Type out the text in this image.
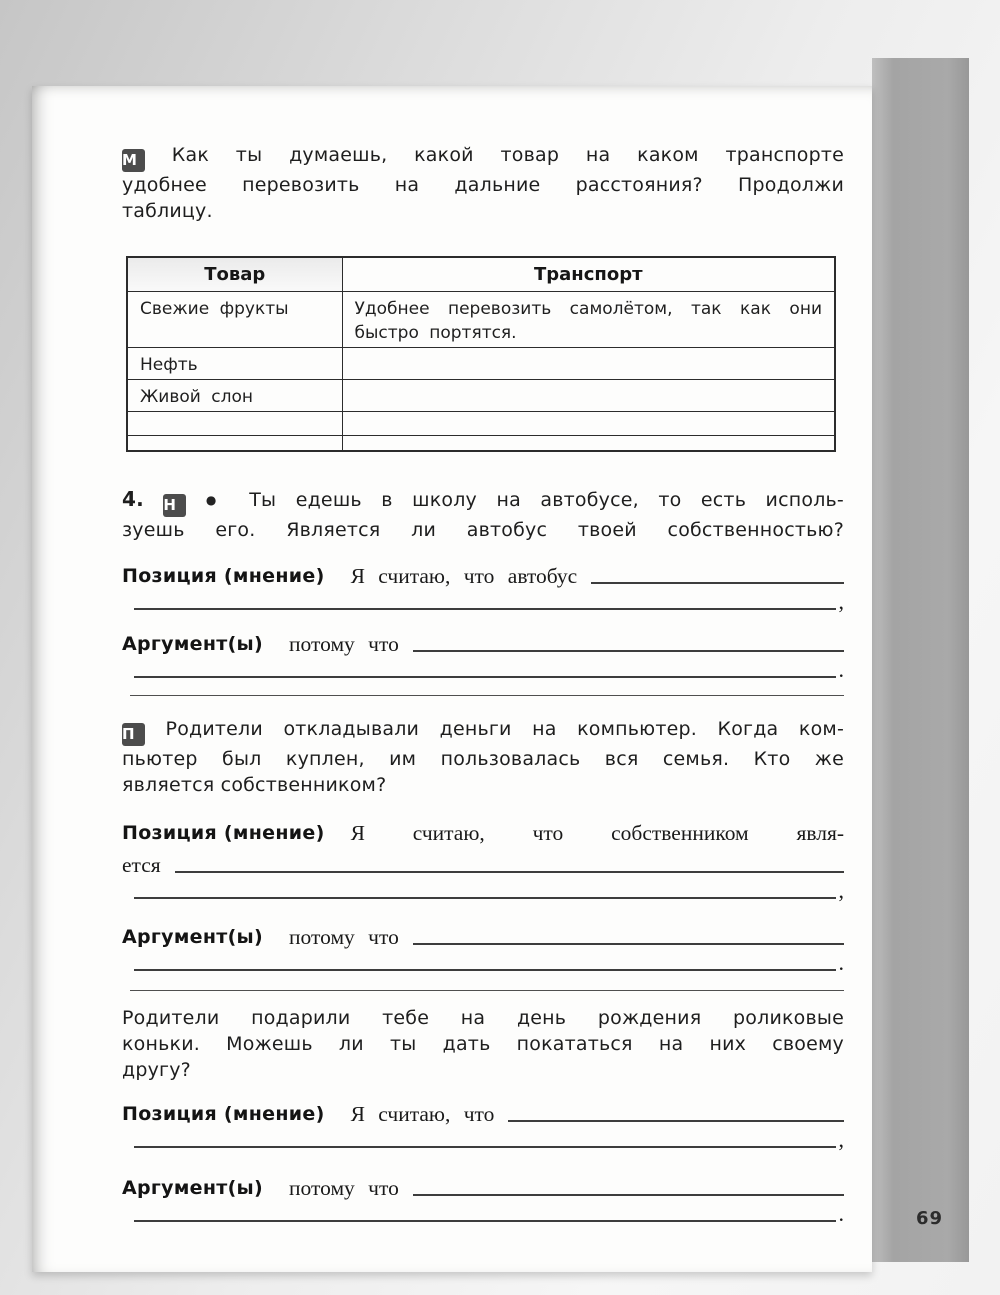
М Как ты думаешь, какой товар на каком транспорте
удобнее перевозить на дальние расстояния? Продолжи
таблицу.
Товар	Транспорт
Свежие фрукты	Удобнее перевозить самолётом, так как они
быстро портятся.

Нефть	
Живой слон	

4. Н ● Ты едешь в школу на автобусе, то есть исполь-
зуешь его. Является ли автобус твоей собственностью?
Позиция (мнение) Я считаю, что автобус
,
Аргумент(ы) потому что
.
П Родители откладывали деньги на компьютер. Когда ком-
пьютер был куплен, им пользовалась вся семья. Кто же
является собственником?
Позиция (мнение) Я считаю, что собственником явля-
ется
,
Аргумент(ы) потому что
.
Родители подарили тебе на день рождения роликовые
коньки. Можешь ли ты дать покататься на них своему
другу?
Позиция (мнение) Я считаю, что
,
Аргумент(ы) потому что
.	69
